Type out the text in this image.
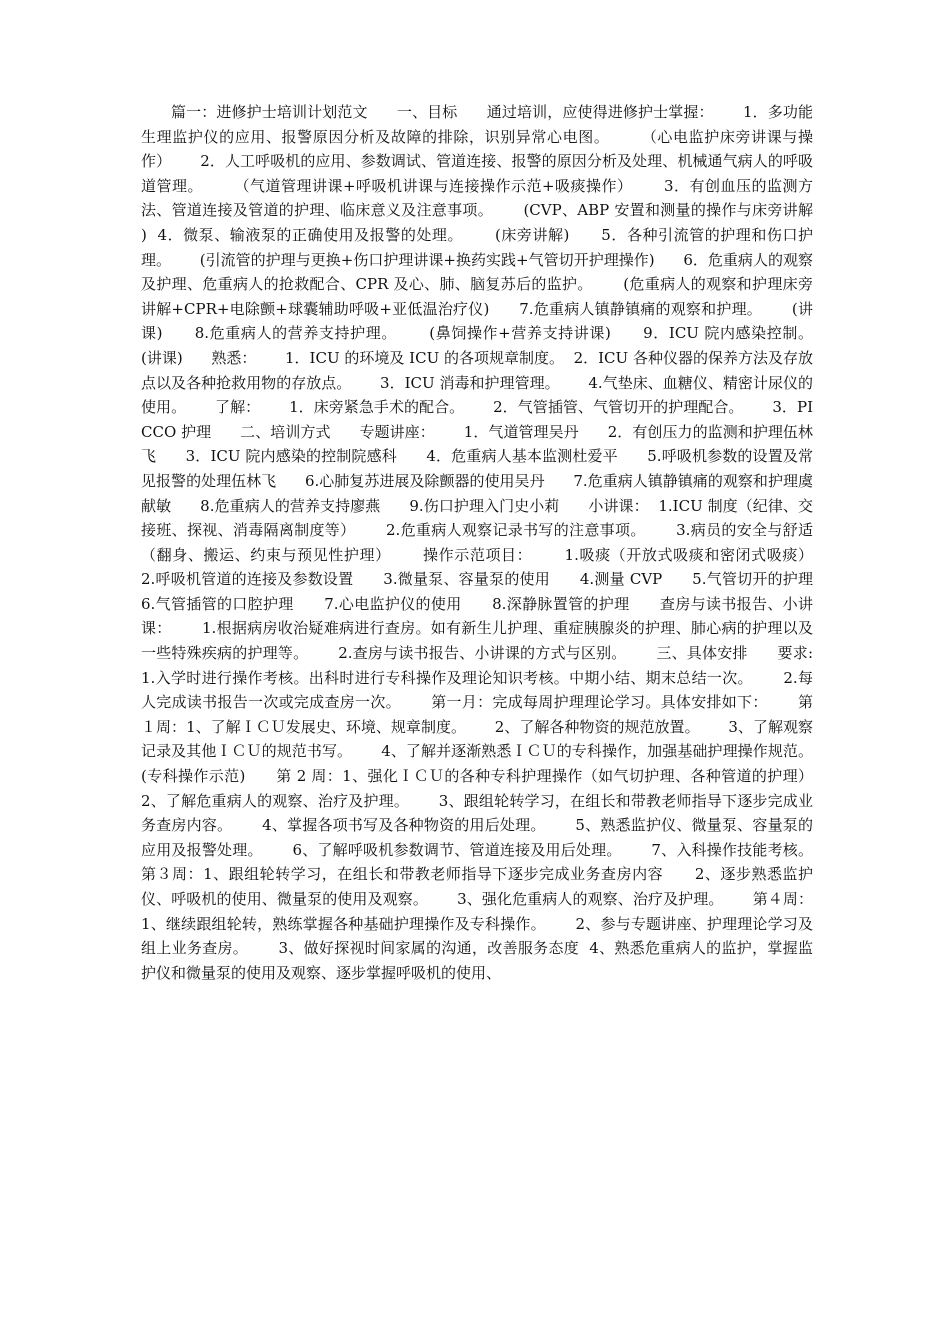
篇一：进修护士培训计划范文      一、目标      通过培训，应使得进修护士掌握：      1．多功能生理监护仪的应用、报警原因分析及故障的排除，识别异常心电图。      （心电监护床旁讲课与操作）      2．人工呼吸机的应用、参数调试、管道连接、报警的原因分析及处理、机械通气病人的呼吸道管理。      （气道管理讲课+呼吸机讲课与连接操作示范+吸痰操作）      3．有创血压的监测方法、管道连接及管道的护理、临床意义及注意事项。      (CVP、ABP 安置和测量的操作与床旁讲解  )  4．微泵、输液泵的正确使用及报警的处理。      (床旁讲解)      5．各种引流管的护理和伤口护理。      (引流管的护理与更换+伤口护理讲课+换药实践+气管切开护理操作)      6．危重病人的观察及护理、危重病人的抢救配合、CPR 及心、肺、脑复苏后的监护。      (危重病人的观察和护理床旁讲解+CPR+电除颤+球囊辅助呼吸+亚低温治疗仪)      7.危重病人镇静镇痛的观察和护理。      (讲课)      8.危重病人的营养支持护理。      (鼻饲操作+营养支持讲课)      9．ICU 院内感染控制。      (讲课)      熟悉：      1．ICU 的环境及 ICU 的各项规章制度。  2．ICU 各种仪器的保养方法及存放点以及各种抢救用物的存放点。      3．ICU 消毒和护理管理。      4.气垫床、血糖仪、精密计尿仪的使用。      了解：      1．床旁紧急手术的配合。      2．气管插管、气管切开的护理配合。      3．PICCO 护理      二、培训方式      专题讲座：      1．气道管理吴丹      2．有创压力的监测和护理伍林飞      3．ICU 院内感染的控制院感科      4．危重病人基本监测杜爱平      5.呼吸机参数的设置及常见报警的处理伍林飞      6.心肺复苏进展及除颤器的使用吴丹      7.危重病人镇静镇痛的观察和护理虞献敏      8.危重病人的营养支持廖燕      9.伤口护理入门史小莉      小讲课：  1.ICU 制度（纪律、交接班、探视、消毒隔离制度等）      2.危重病人观察记录书写的注意事项。      3.病员的安全与舒适（翻身、搬运、约束与预见性护理）      操作示范项目：      1.吸痰（开放式吸痰和密闭式吸痰）      2.呼吸机管道的连接及参数设置      3.微量泵、容量泵的使用      4.测量 CVP      5.气管切开的护理      6.气管插管的口腔护理      7.心电监护仪的使用      8.深静脉置管的护理      查房与读书报告、小讲课：      1.根据病房收治疑难病进行查房。如有新生儿护理、重症胰腺炎的护理、肺心病的护理以及一些特殊疾病的护理等。      2.查房与读书报告、小讲课的方式与区别。      三、具体安排      要求:1.入学时进行操作考核。出科时进行专科操作及理论知识考核。中期小结、期末总结一次。      2.每人完成读书报告一次或完成查房一次。      第一月：完成每周护理理论学习。具体安排如下：      第１周：1、了解ＩＣＵ发展史、环境、规章制度。      2、了解各种物资的规范放置。      3、了解观察记录及其他ＩＣＵ的规范书写。      4、了解并逐渐熟悉ＩＣＵ的专科操作，加强基础护理操作规范。(专科操作示范)      第 2 周：1、强化ＩＣＵ的各种专科护理操作（如气切护理、各种管道的护理）      2、了解危重病人的观察、治疗及护理。      3、跟组轮转学习，在组长和带教老师指导下逐步完成业务查房内容。      4、掌握各项书写及各种物资的用后处理。      5、熟悉监护仪、微量泵、容量泵的应用及报警处理。      6、了解呼吸机参数调节、管道连接及用后处理。      7、入科操作技能考核。      第３周：1、跟组轮转学习，在组长和带教老师指导下逐步完成业务查房内容      2、逐步熟悉监护仪、呼吸机的使用、微量泵的使用及观察。      3、强化危重病人的观察、治疗及护理。      第４周：1、继续跟组轮转，熟练掌握各种基础护理操作及专科操作。      2、参与专题讲座、护理理论学习及组上业务查房。      3、做好探视时间家属的沟通，改善服务态度  4、熟悉危重病人的监护，掌握监护仪和微量泵的使用及观察、逐步掌握呼吸机的使用、
